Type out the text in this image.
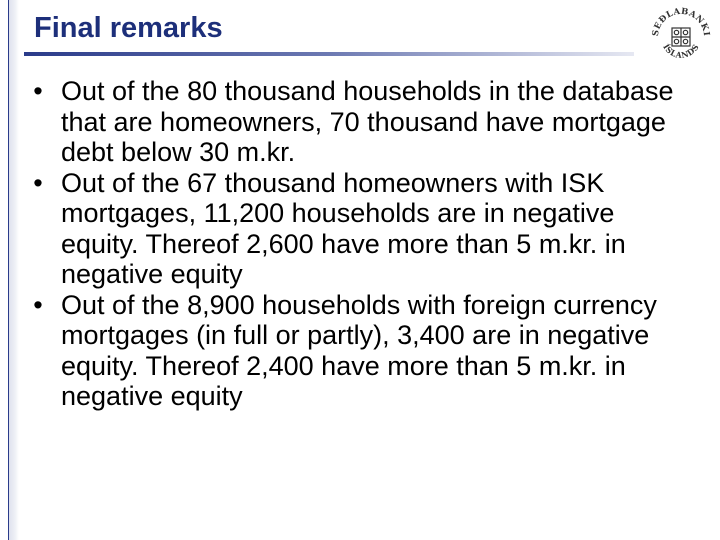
Final remarks	SEÐLABANKI
ÍSLANDS
• Out of the 80 thousand households in the database that are homeowners, 70 thousand have mortgage debt below 30 m.kr.
• Out of the 67 thousand homeowners with ISK mortgages, 11,200 households are in negative equity. Thereof 2,600 have more than 5 m.kr. in negative equity
• Out of the 8,900 households with foreign currency mortgages (in full or partly), 3,400 are in negative equity. Thereof 2,400 have more than 5 m.kr. in negative equity
